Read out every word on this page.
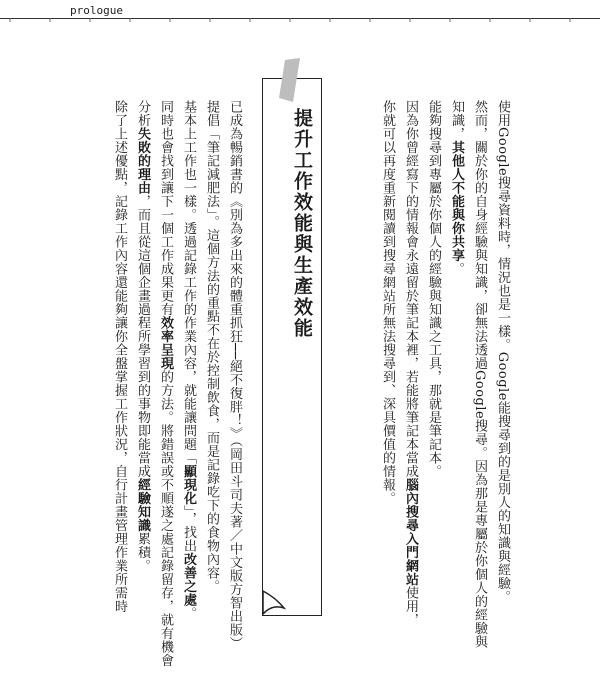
prologue
使用Google搜尋資料時，情況也是一樣。Google能搜尋到的是別人的知識與經驗。
然而，關於你的自身經驗與知識，卻無法透過Google搜尋。因為那是專屬於你個人的經驗與
知識，其他人不能與你共享。
能夠搜尋到專屬於你個人的經驗與知識之工具，那就是筆記本。
因為你曾經寫下的情報會永遠留於筆記本裡，若能將筆記本當成腦內搜尋入門網站使用，
你就可以再度重新閱讀到搜尋網站所無法搜尋到、深具價值的情報。
提升工作效能與生產效能
已成為暢銷書的《別為多出來的體重抓狂──絕不復胖！》（岡田斗司夫著／中文版方智出版）
提倡「筆記減肥法」。這個方法的重點不在於控制飲食，而是記錄吃下的食物內容。
基本上工作也一樣。透過記錄工作的作業內容，就能讓問題「顯現化」，找出改善之處。
同時也會找到讓下一個工作成果更有效率呈現的方法。將錯誤或不順遂之處記錄留存，就有機會
分析失敗的理由，而且從這個企畫過程所學習到的事物即能當成經驗知識累積。
除了上述優點，記錄工作內容還能夠讓你全盤掌握工作狀況，自行計畫管理作業所需時
